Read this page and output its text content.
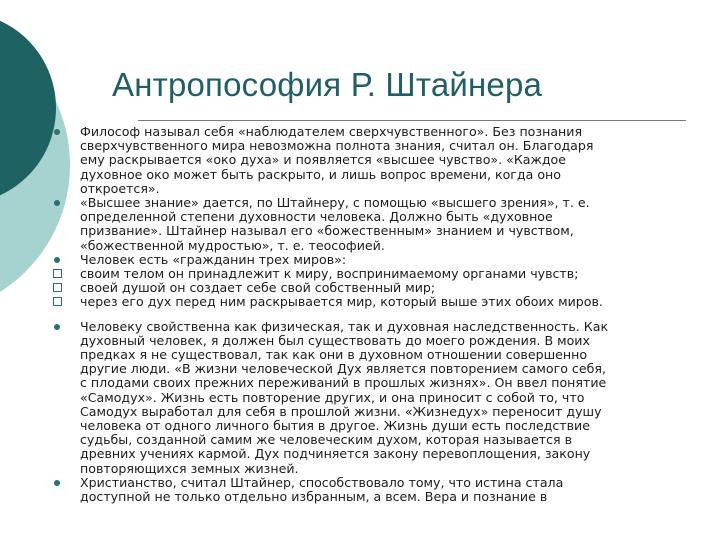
Антропософия Р. Штайнера
Философ называл себя «наблюдателем сверхчувственного». Без познания
сверхчувственного мира невозможна полнота знания, считал он. Благодаря
ему раскрывается «око духа» и появляется «высшее чувство». «Каждое
духовное око может быть раскрыто, и лишь вопрос времени, когда оно
откроется».
«Высшее знание» дается, по Штайнеру, с помощью «высшего зрения», т. е.
определенной степени духовности человека. Должно быть «духовное
призвание». Штайнер называл его «божественным» знанием и чувством,
«божественной мудростью», т. е. теософией.
Человек есть «гражданин трех миров»:
своим телом он принадлежит к миру, воспринимаемому органами чувств;
своей душой он создает себе свой собственный мир;
через его дух перед ним раскрывается мир, который выше этих обоих миров.
Человеку свойственна как физическая, так и духовная наследственность. Как
духовный человек, я должен был существовать до моего рождения. В моих
предках я не существовал, так как они в духовном отношении совершенно
другие люди. «В жизни человеческой Дух является повторением самого себя,
с плодами своих прежних переживаний в прошлых жизнях». Он ввел понятие
«Самодух». Жизнь есть повторение других, и она приносит с собой то, что
Самодух выработал для себя в прошлой жизни. «Жизнедух» переносит душу
человека от одного личного бытия в другое. Жизнь души есть последствие
судьбы, созданной самим же человеческим духом, которая называется в
древних учениях кармой. Дух подчиняется закону перевоплощения, закону
повторяющихся земных жизней.
Христианство, считал Штайнер, способствовало тому, что истина стала
доступной не только отдельно избранным, а всем. Вера и познание в
